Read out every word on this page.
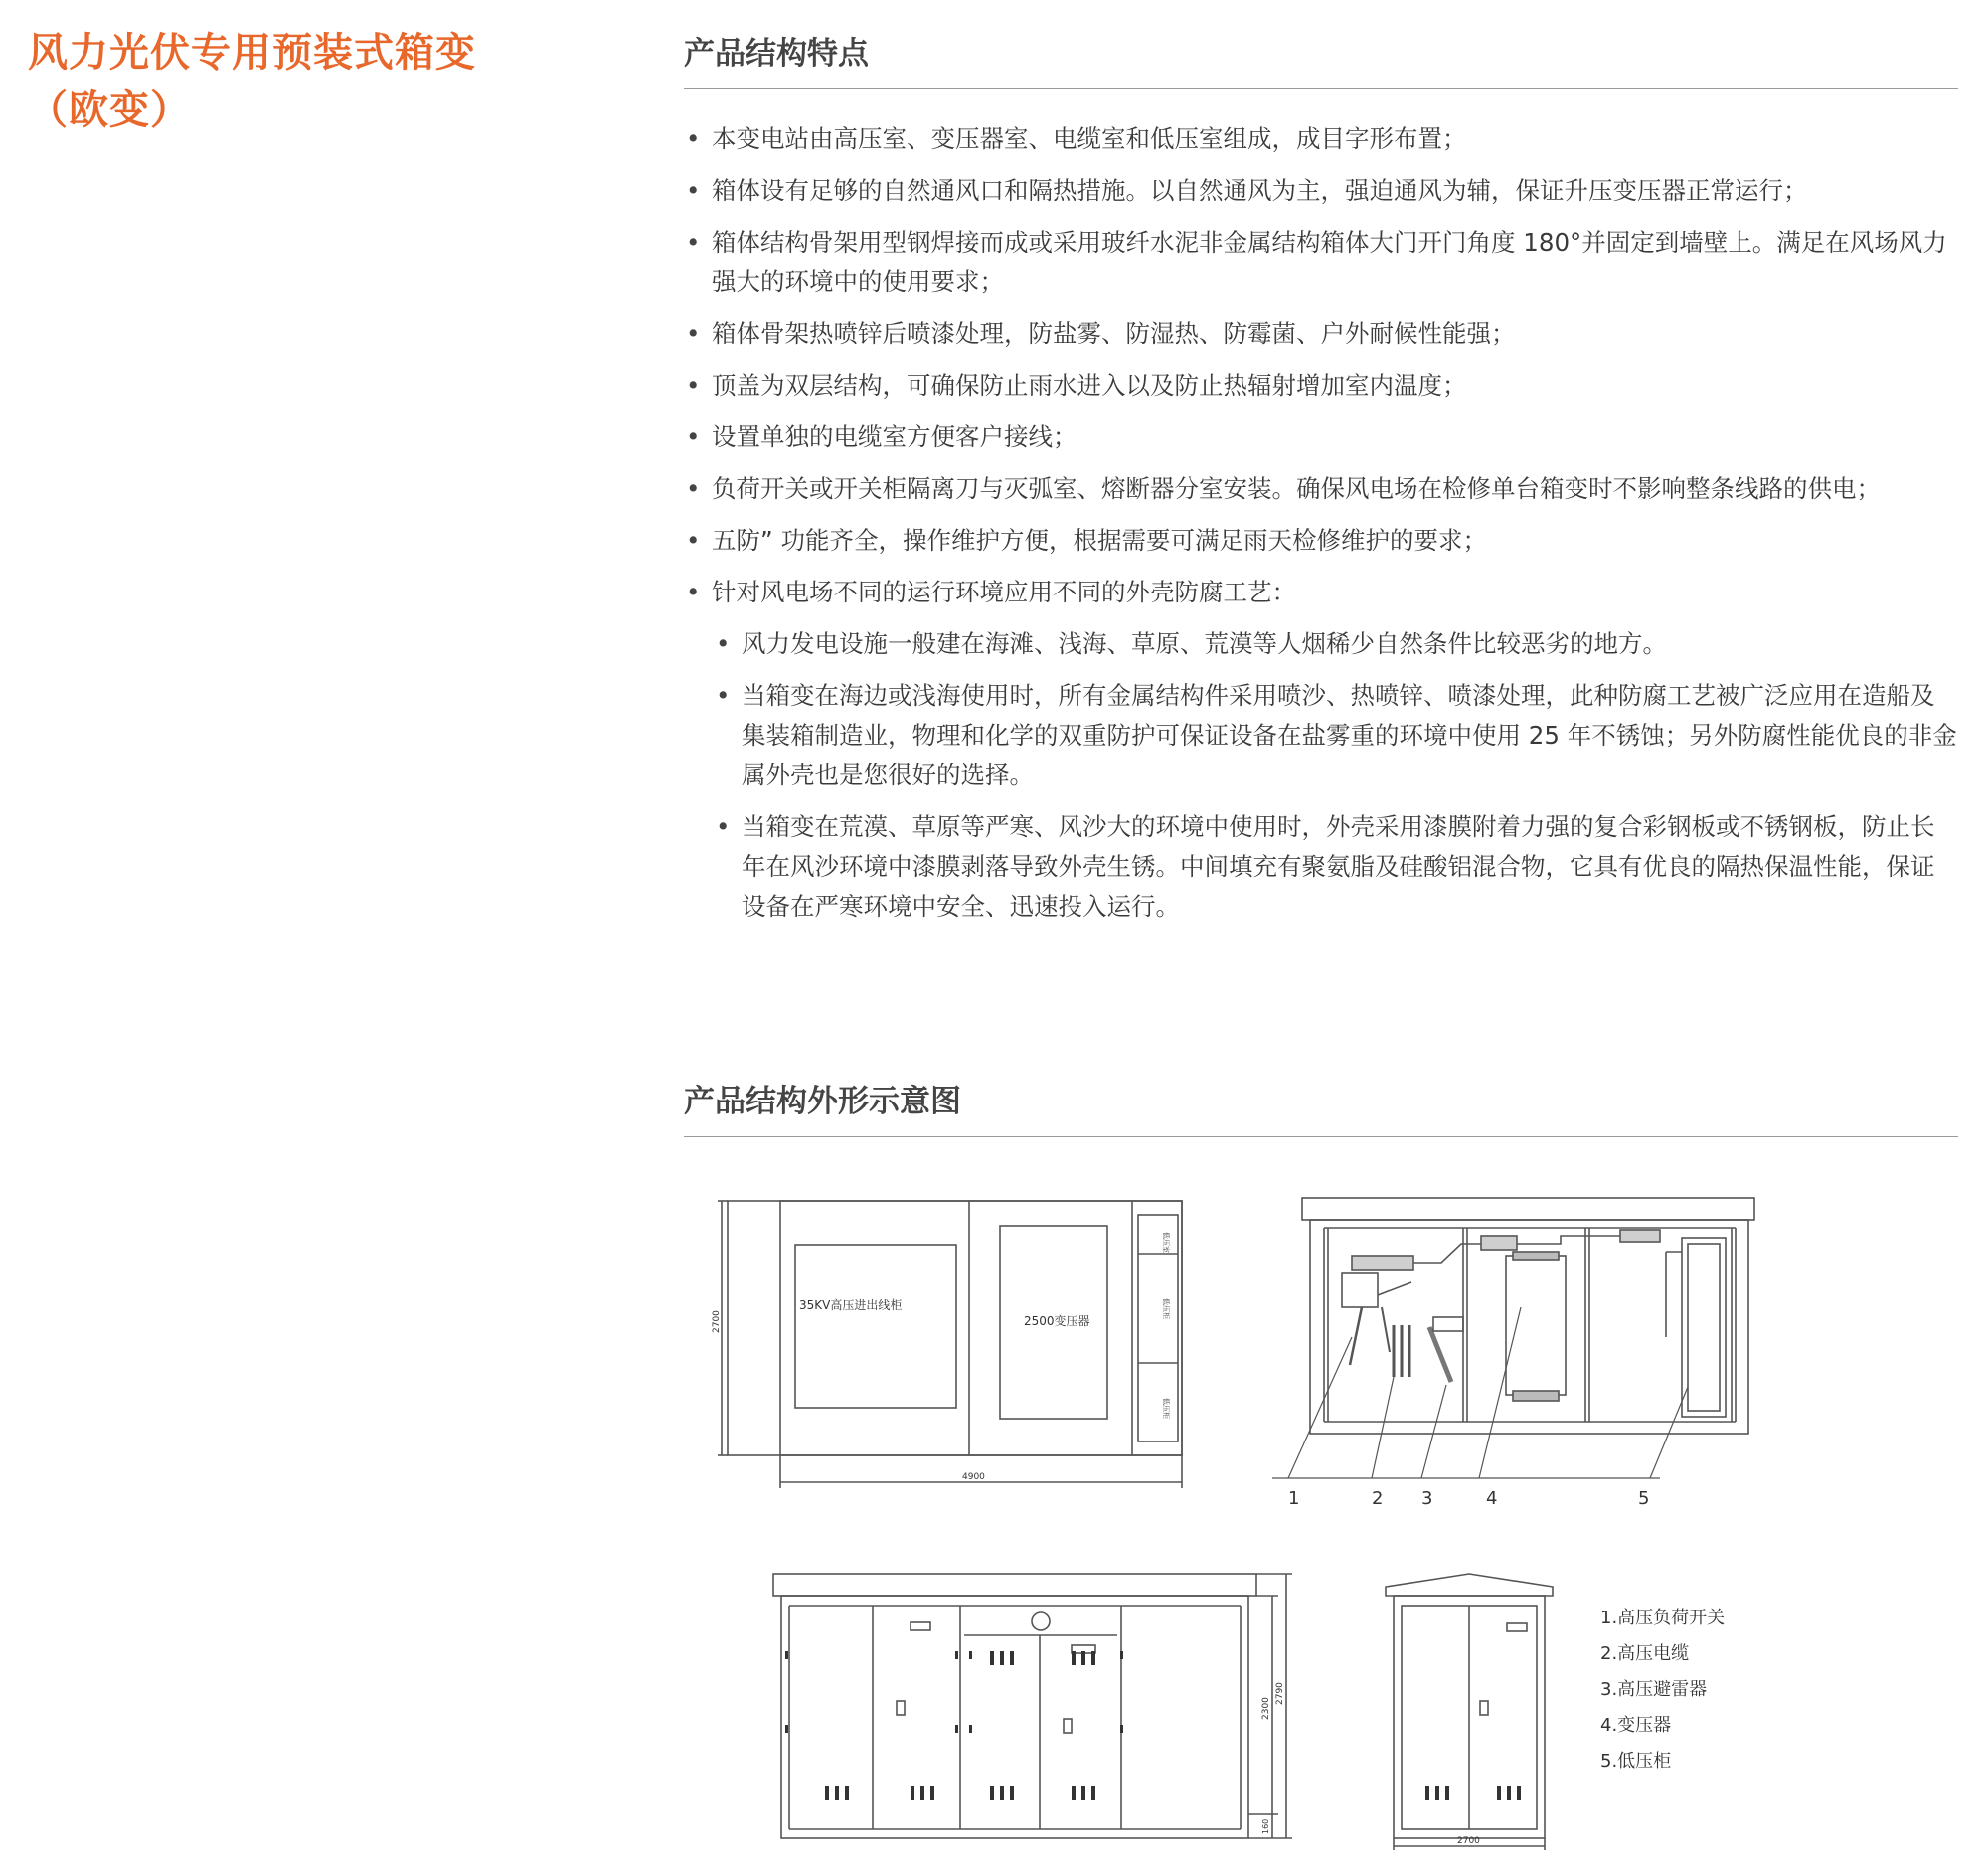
风力光伏专用预装式箱变
（欧变）
产品结构特点
• 本变电站由高压室、变压器室、电缆室和低压室组成，成目字形布置；
• 箱体设有足够的自然通风口和隔热措施。以自然通风为主，强迫通风为辅，保证升压变压器正常运行；
• 箱体结构骨架用型钢焊接而成或采用玻纤水泥非金属结构箱体大门开门角度 180°并固定到墙壁上。满足在风场风力强大的环境中的使用要求；
• 箱体骨架热喷锌后喷漆处理，防盐雾、防湿热、防霉菌、户外耐候性能强；
• 顶盖为双层结构，可确保防止雨水进入以及防止热辐射增加室内温度；
• 设置单独的电缆室方便客户接线；
• 负荷开关或开关柜隔离刀与灭弧室、熔断器分室安装。确保风电场在检修单台箱变时不影响整条线路的供电；
• 五防” 功能齐全，操作维护方便，根据需要可满足雨天检修维护的要求；
• 针对风电场不同的运行环境应用不同的外壳防腐工艺：
• 风力发电设施一般建在海滩、浅海、草原、荒漠等人烟稀少自然条件比较恶劣的地方。
• 当箱变在海边或浅海使用时，所有金属结构件采用喷沙、热喷锌、喷漆处理，此种防腐工艺被广泛应用在造船及集装箱制造业，物理和化学的双重防护可保证设备在盐雾重的环境中使用 25 年不锈蚀；另外防腐性能优良的非金属外壳也是您很好的选择。
• 当箱变在荒漠、草原等严寒、风沙大的环境中使用时，外壳采用漆膜附着力强的复合彩钢板或不锈钢板，防止长年在风沙环境中漆膜剥落导致外壳生锈。中间填充有聚氨脂及硅酸铝混合物，它具有优良的隔热保温性能，保证设备在严寒环境中安全、迅速投入运行。
产品结构外形示意图
35KV高压进出线柜
2500变压器
低压室
低压柜
低压柜
4900
2700
1	2 3	4	5
2300
2790
160
2700
1.高压负荷开关
2.高压电缆
3.高压避雷器
4.变压器
5.低压柜
